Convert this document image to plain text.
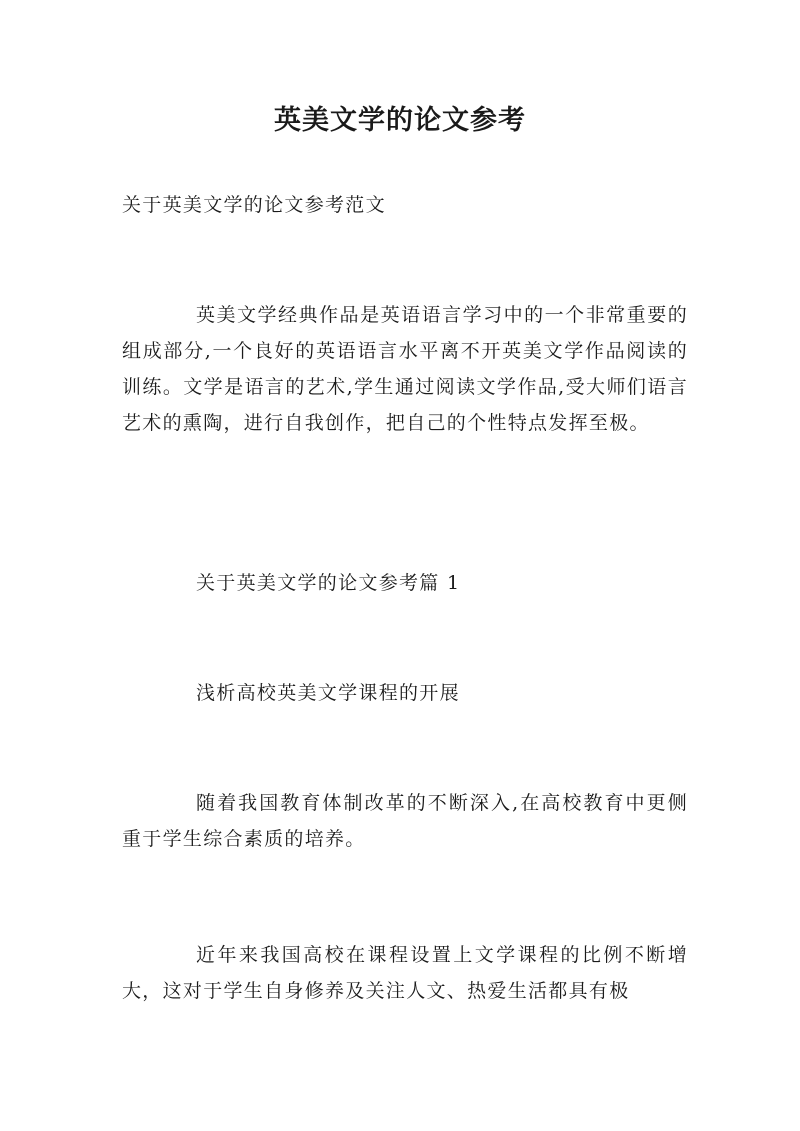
英美文学的论文参考

关于英美文学的论文参考范文

英美文学经典作品是英语语言学习中的一个非常重要的组成部分,一个良好的英语语言水平离不开英美文学作品阅读的训练。文学是语言的艺术,学生通过阅读文学作品,受大师们语言艺术的熏陶，进行自我创作，把自己的个性特点发挥至极。

关于英美文学的论文参考篇 1

浅析高校英美文学课程的开展

随着我国教育体制改革的不断深入,在高校教育中更侧重于学生综合素质的培养。

近年来我国高校在课程设置上文学课程的比例不断增大，这对于学生自身修养及关注人文、热爱生活都具有极
